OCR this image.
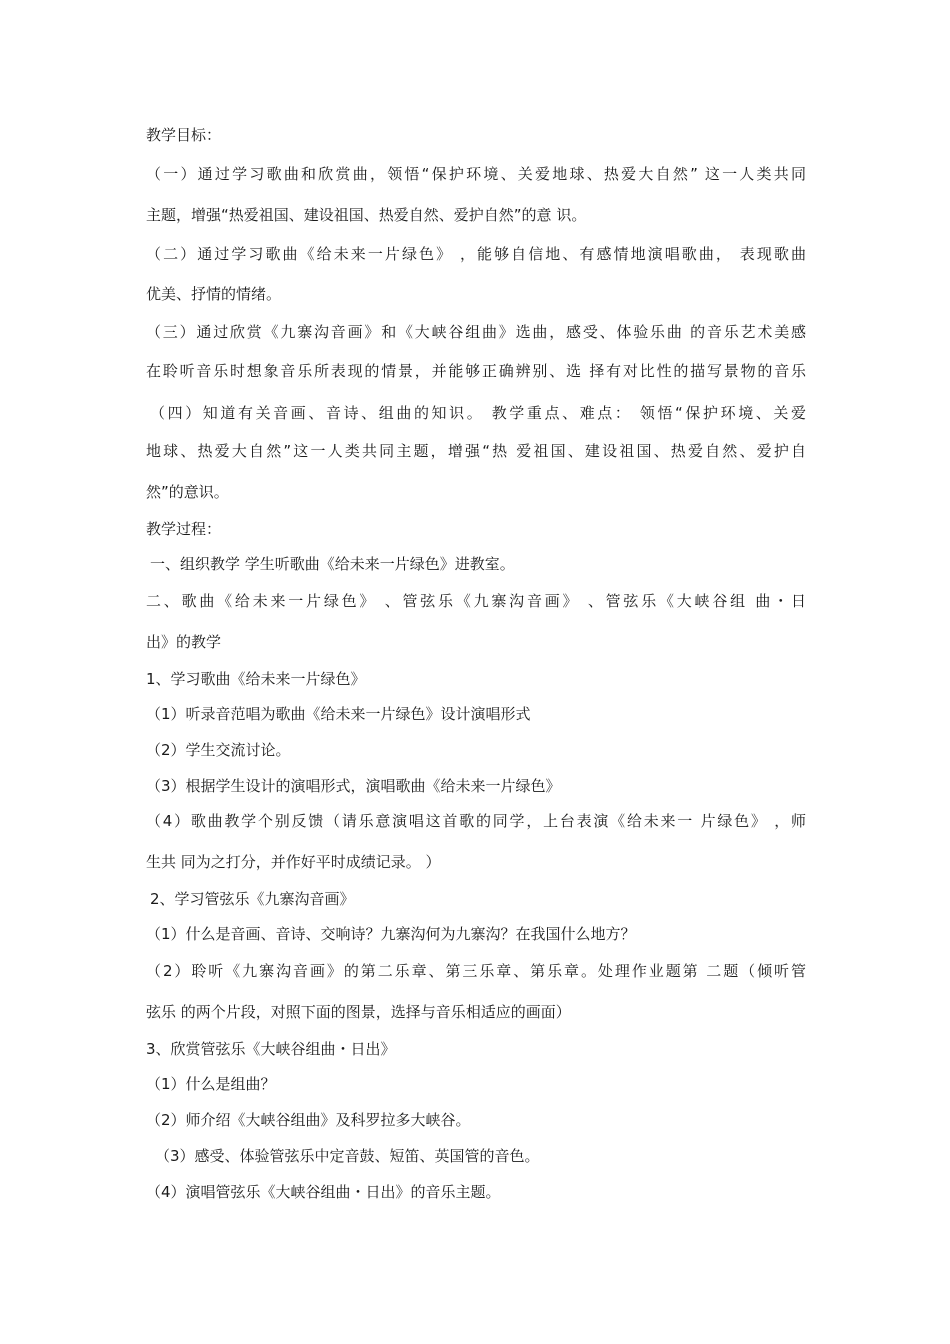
教学目标：
（一）通过学习歌曲和欣赏曲，领悟“保护环境、关爱地球、热爱大自然” 这一人类共同
主题，增强“热爱祖国、建设祖国、热爱自然、爱护自然”的意 识。
（二）通过学习歌曲《给未来一片绿色》 ，能够自信地、有感情地演唱歌曲， 表现歌曲
优美、抒情的情绪。
（三）通过欣赏《九寨沟音画》和《大峡谷组曲》选曲，感受、体验乐曲 的音乐艺术美感
在聆听音乐时想象音乐所表现的情景，并能够正确辨别、选 择有对比性的描写景物的音乐
（四）知道有关音画、音诗、组曲的知识。 教学重点、难点： 领悟“保护环境、关爱
地球、热爱大自然”这一人类共同主题，增强“热 爱祖国、建设祖国、热爱自然、爱护自
然”的意识。
教学过程：
一、组织教学 学生听歌曲《给未来一片绿色》进教室。
二、歌曲《给未来一片绿色》 、管弦乐《九寨沟音画》 、管弦乐《大峡谷组 曲・日
出》的教学
1、学习歌曲《给未来一片绿色》
（1）听录音范唱为歌曲《给未来一片绿色》设计演唱形式
（2）学生交流讨论。
（3）根据学生设计的演唱形式，演唱歌曲《给未来一片绿色》
（4）歌曲教学个别反馈（请乐意演唱这首歌的同学，上台表演《给未来一 片绿色》 ，师
生共 同为之打分，并作好平时成绩记录。 ）
2、学习管弦乐《九寨沟音画》
（1）什么是音画、音诗、交响诗？九寨沟何为九寨沟？在我国什么地方？
（2）聆听《九寨沟音画》的第二乐章、第三乐章、第乐章。处理作业题第 二题（倾听管
弦乐 的两个片段，对照下面的图景，选择与音乐相适应的画面）
3、欣赏管弦乐《大峡谷组曲・日出》
（1）什么是组曲？
（2）师介绍《大峡谷组曲》及科罗拉多大峡谷。
（3）感受、体验管弦乐中定音鼓、短笛、英国管的音色。
（4）演唱管弦乐《大峡谷组曲・日出》的音乐主题。
